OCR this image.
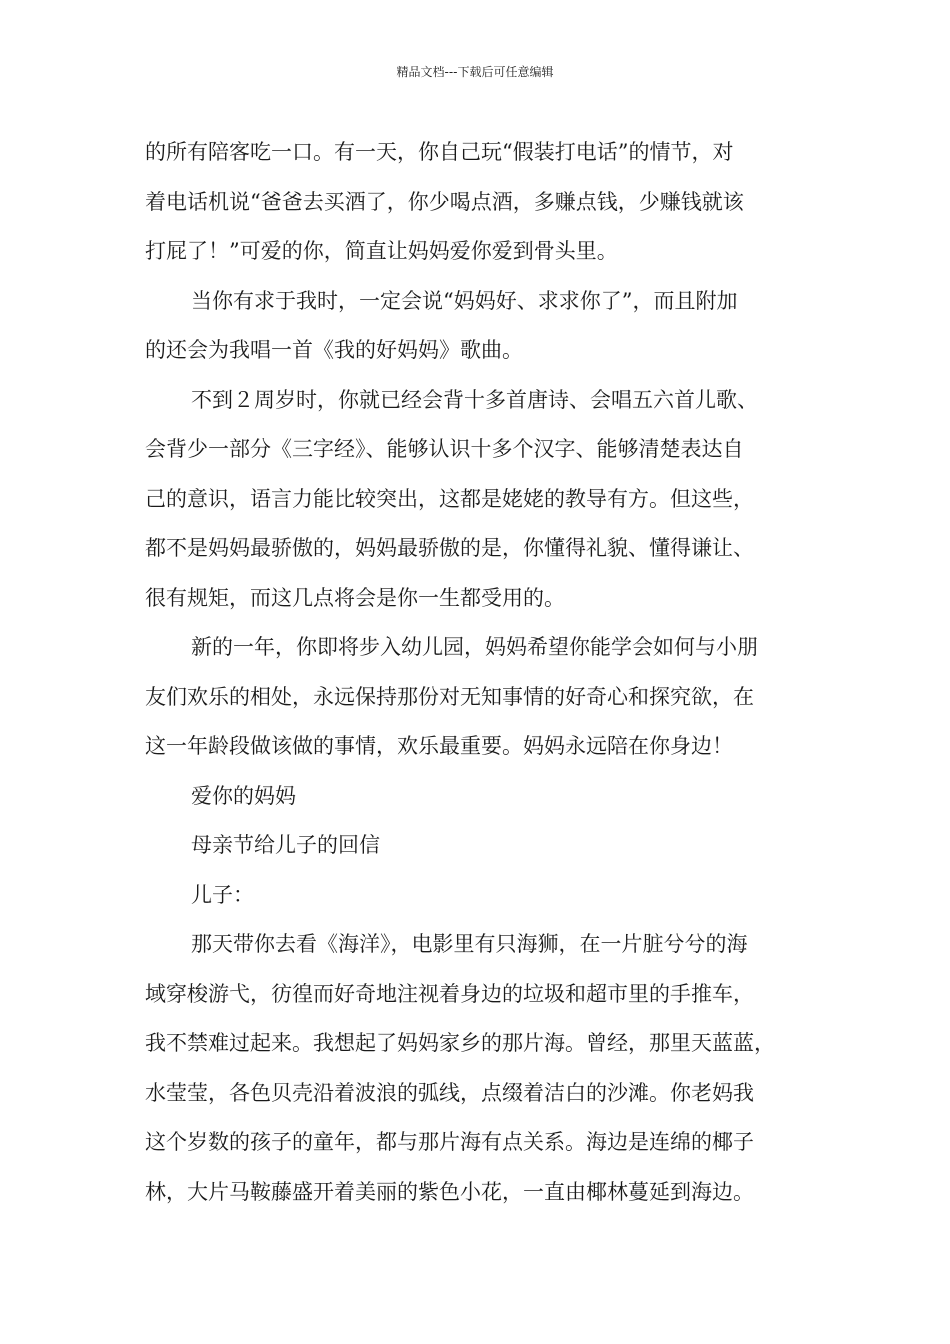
精品文档---下载后可任意编辑
的所有陪客吃一口。有一天，你自己玩“假装打电话”的情节，对
着电话机说“爸爸去买酒了，你少喝点酒，多赚点钱，少赚钱就该
打屁了！”可爱的你，简直让妈妈爱你爱到骨头里。
当你有求于我时，一定会说“妈妈好、求求你了”，而且附加
的还会为我唱一首《我的好妈妈》歌曲。
不到２周岁时，你就已经会背十多首唐诗、会唱五六首儿歌、
会背少一部分《三字经》、能够认识十多个汉字、能够清楚表达自
己的意识，语言力能比较突出，这都是姥姥的教导有方。但这些，
都不是妈妈最骄傲的，妈妈最骄傲的是，你懂得礼貌、懂得谦让、
很有规矩，而这几点将会是你一生都受用的。
新的一年，你即将步入幼儿园，妈妈希望你能学会如何与小朋
友们欢乐的相处，永远保持那份对无知事情的好奇心和探究欲，在
这一年龄段做该做的事情，欢乐最重要。妈妈永远陪在你身边！
爱你的妈妈
母亲节给儿子的回信
儿子：
那天带你去看《海洋》，电影里有只海狮，在一片脏兮兮的海
域穿梭游弋，彷徨而好奇地注视着身边的垃圾和超市里的手推车，
我不禁难过起来。我想起了妈妈家乡的那片海。曾经，那里天蓝蓝，
水莹莹，各色贝壳沿着波浪的弧线，点缀着洁白的沙滩。你老妈我
这个岁数的孩子的童年，都与那片海有点关系。海边是连绵的椰子
林，大片马鞍藤盛开着美丽的紫色小花，一直由椰林蔓延到海边。
